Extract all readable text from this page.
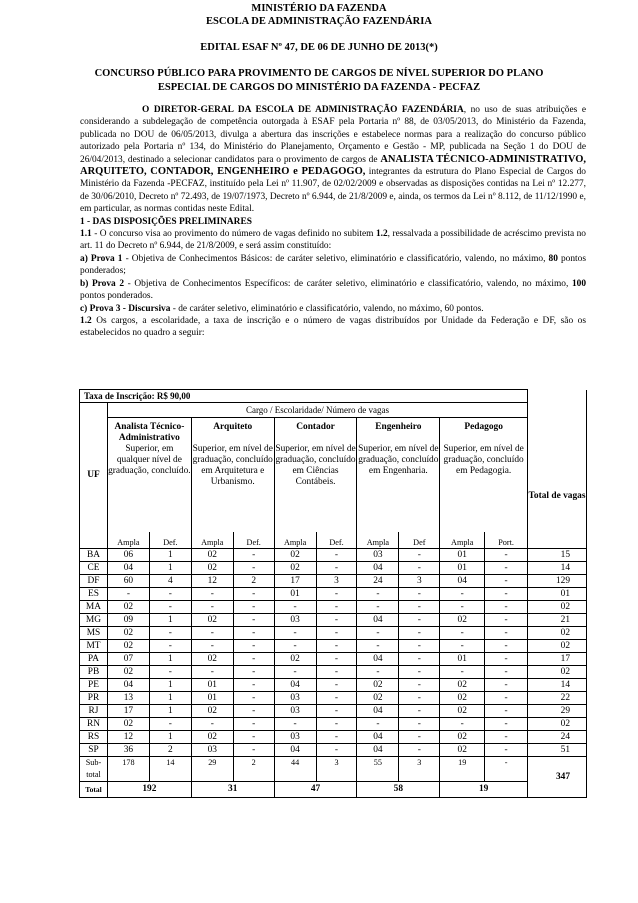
MINISTÉRIO DA FAZENDA
ESCOLA DE ADMINISTRAÇÃO FAZENDÁRIA
EDITAL ESAF Nº 47, DE 06 DE JUNHO DE 2013(*)
CONCURSO PÚBLICO PARA PROVIMENTO DE CARGOS DE NÍVEL SUPERIOR DO PLANO
ESPECIAL DE CARGOS DO MINISTÉRIO DA FAZENDA - PECFAZ

O DIRETOR-GERAL DA ESCOLA DE ADMINISTRAÇÃO FAZENDÁRIA, no uso de suas atribuições e considerando a subdelegação de competência outorgada à ESAF pela Portaria nº 88, de 03/05/2013, do Ministério da Fazenda, publicada no DOU de 06/05/2013, divulga a abertura das inscrições e estabelece normas para a realização do concurso público autorizado pela Portaria nº 134, do Ministério do Planejamento, Orçamento e Gestão - MP, publicada na Seção 1 do DOU de 26/04/2013, destinado a selecionar candidatos para o provimento de cargos de ANALISTA TÉCNICO-ADMINISTRATIVO, ARQUITETO, CONTADOR, ENGENHEIRO e PEDAGOGO, integrantes da estrutura do Plano Especial de Cargos do Ministério da Fazenda -PECFAZ, instituído pela Lei nº 11.907, de 02/02/2009 e observadas as disposições contidas na Lei nº 12.277, de 30/06/2010, Decreto nº 72.493, de 19/07/1973, Decreto nº 6.944, de 21/8/2009 e, ainda, os termos da Lei nº 8.112, de 11/12/1990 e, em particular, as normas contidas neste Edital.

1 - DAS DISPOSIÇÕES PRELIMINARES

1.1 - O concurso visa ao provimento do número de vagas definido no subitem 1.2, ressalvada a possibilidade de acréscimo prevista no art. 11 do Decreto nº 6.944, de 21/8/2009, e será assim constituído:

a) Prova 1 - Objetiva de Conhecimentos Básicos: de caráter seletivo, eliminatório e classificatório, valendo, no máximo, 80 pontos ponderados;

b) Prova 2 - Objetiva de Conhecimentos Específicos: de caráter seletivo, eliminatório e classificatório, valendo, no máximo, 100 pontos ponderados.

c) Prova 3 - Discursiva - de caráter seletivo, eliminatório e classificatório, valendo, no máximo, 60 pontos.

1.2 Os cargos, a escolaridade, a taxa de inscrição e o número de vagas distribuídos por Unidade da Federação e DF, são os estabelecidos no quadro a seguir:

Taxa de Inscrição: R$ 90,00											
UF	Cargo / Escolaridade/ Número de vagas										
	Analista Técnico-Administrativo		Arquiteto		Contador		Engenheiro		Pedagogo		
	Superior, em qualquer nível de graduação, concluído.		Superior, em nível de graduação, concluído em Arquitetura e Urbanismo.		Superior, em nível de graduação, concluído em Ciências Contábeis.		Superior, em nível de graduação, concluído em Engenharia.		Superior, em nível de graduação, concluído em Pedagogia.		Total de vagas
	Ampla	Def.	Ampla	Def.	Ampla	Def.	Ampla	Def	Ampla	Port.	
BA	06	1	02	-	02	-	03	-	01	-	15
CE	04	1	02	-	02	-	04	-	01	-	14
DF	60	4	12	2	17	3	24	3	04	-	129
ES	-	-	-	-	01	-	-	-	-	-	01
MA	02	-	-	-	-	-	-	-	-	-	02
MG	09	1	02	-	03	-	04	-	02	-	21
MS	02	-	-	-	-	-	-	-	-	-	02
MT	02	-	-	-	-	-	-	-	-	-	02
PA	07	1	02	-	02	-	04	-	01	-	17
PB	02	-	-	-	-	-	-	-	-	-	02
PE	04	1	01	-	04	-	02	-	02	-	14
PR	13	1	01	-	03	-	02	-	02	-	22
RJ	17	1	02	-	03	-	04	-	02	-	29
RN	02	-	-	-	-	-	-	-	-	-	02
RS	12	1	02	-	03	-	04	-	02	-	24
SP	36	2	03	-	04	-	04	-	02	-	51
Sub-total	178	14	29	2	44	3	55	3	19	-	347
Total	192		31		47		58		19		
